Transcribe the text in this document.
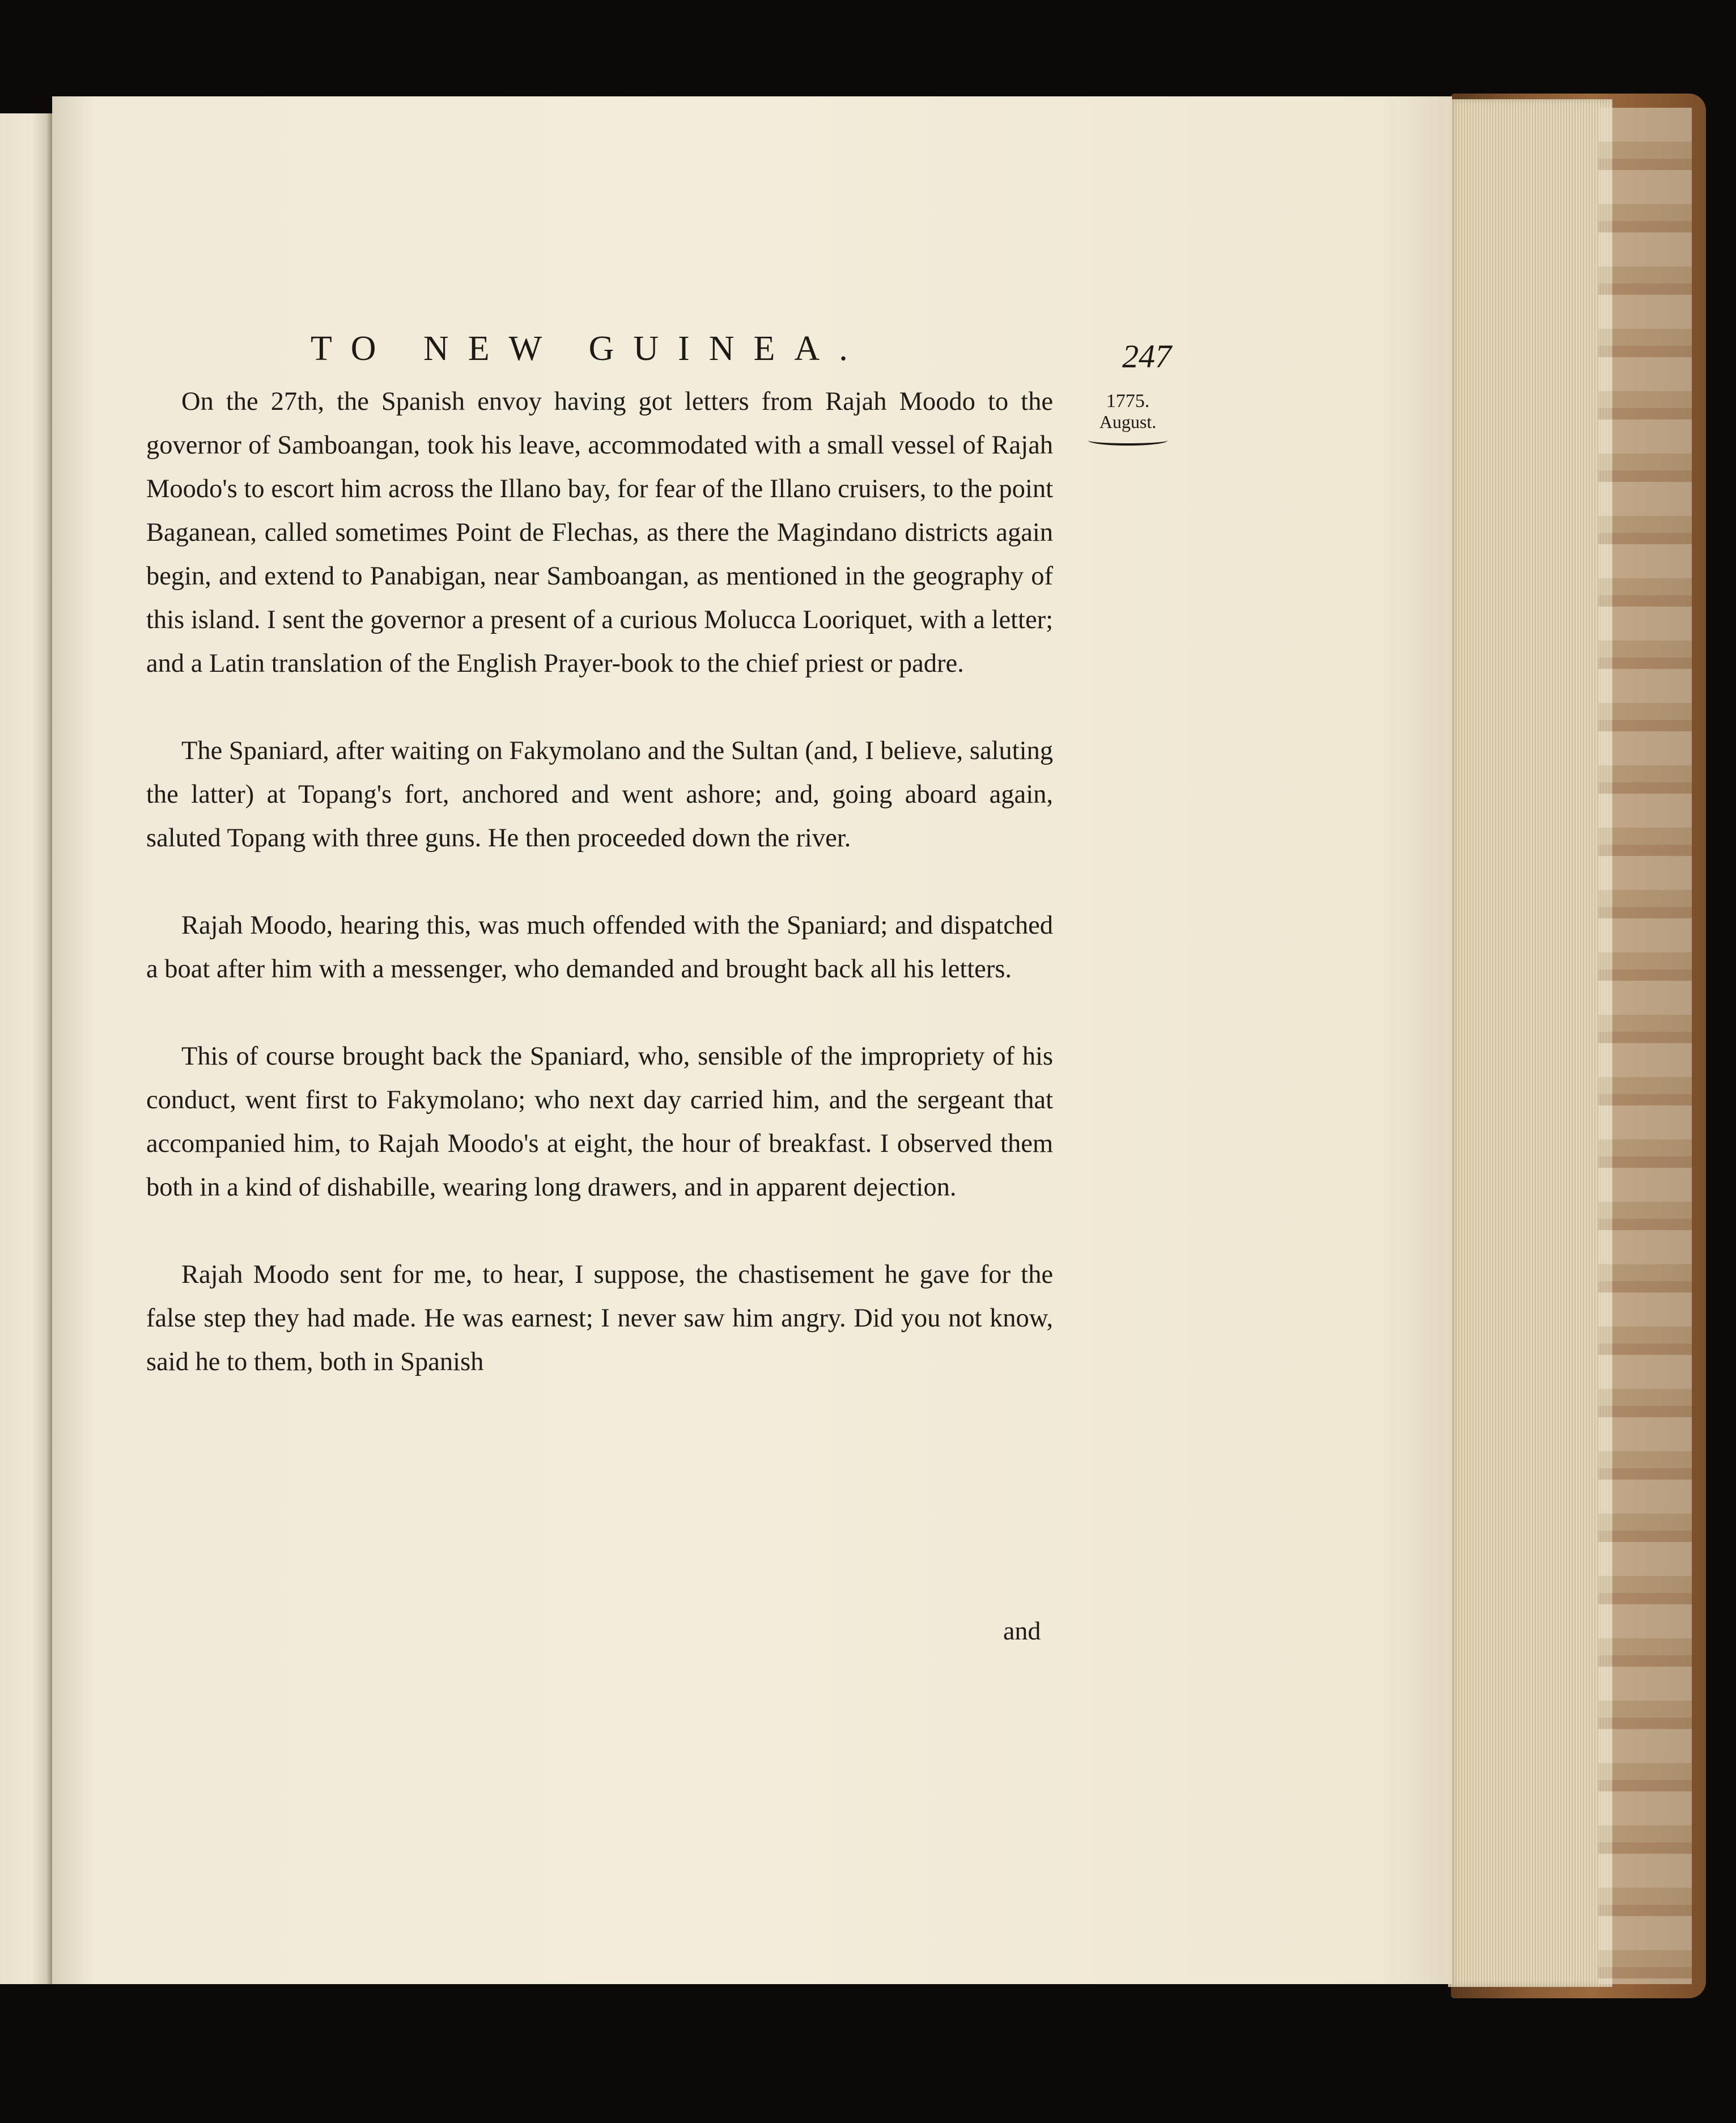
TO NEW GUINEA.	247
1775.
August.

On the 27th, the Spanish envoy having got letters from Rajah Moodo to the governor of Samboangan, took his leave, accommodated with a small vessel of Rajah Moodo's to escort him across the Illano bay, for fear of the Illano cruisers, to the point Baganean, called sometimes Point de Flechas, as there the Magindano districts again begin, and extend to Panabigan, near Samboangan, as mentioned in the geography of this island. I sent the governor a present of a curious Molucca Looriquet, with a letter; and a Latin translation of the English Prayer-book to the chief priest or padre.

The Spaniard, after waiting on Fakymolano and the Sultan (and, I believe, saluting the latter) at Topang's fort, anchored and went ashore; and, going aboard again, saluted Topang with three guns. He then proceeded down the river.

Rajah Moodo, hearing this, was much offended with the Spaniard; and dispatched a boat after him with a messenger, who demanded and brought back all his letters.

This of course brought back the Spaniard, who, sensible of the impropriety of his conduct, went first to Fakymolano; who next day carried him, and the sergeant that accompanied him, to Rajah Moodo's at eight, the hour of breakfast. I observed them both in a kind of dishabille, wearing long drawers, and in apparent dejection.

Rajah Moodo sent for me, to hear, I suppose, the chastisement he gave for the false step they had made. He was earnest; I never saw him angry. Did you not know, said he to them, both in Spanish

and
